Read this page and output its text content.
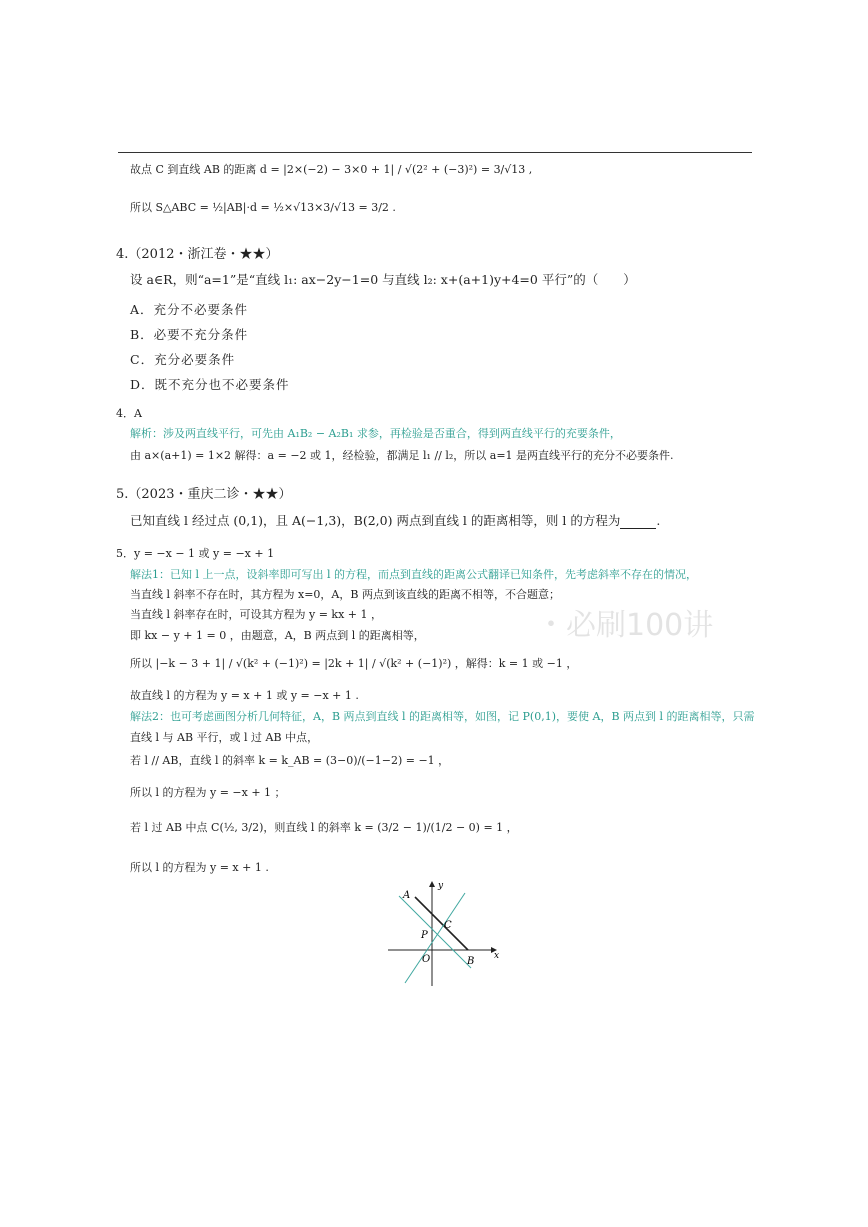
故点 C 到直线 AB 的距离 d = |2×(−2) − 3×0 + 1| / √(2² + (−3)²) = 3/√13 ,
所以 S△ABC = ½|AB|·d = ½×√13×3/√13 = 3/2 .
4.（2012・浙江卷・★★）
设 a∈R，则“a=1”是“直线 l₁: ax−2y−1=0 与直线 l₂: x+(a+1)y+4=0 平行”的（　　）
A．充分不必要条件
B．必要不充分条件
C．充分必要条件
D．既不充分也不必要条件
4．A
解析：涉及两直线平行，可先由 A₁B₂ − A₂B₁ 求参，再检验是否重合，得到两直线平行的充要条件，
由 a×(a+1) = 1×2 解得：a = −2 或 1，经检验，都满足 l₁ // l₂，所以 a=1 是两直线平行的充分不必要条件.
5.（2023・重庆二诊・★★）
已知直线 l 经过点 (0,1)，且 A(−1,3)，B(2,0) 两点到直线 l 的距离相等，则 l 的方程为	.
5．y = −x − 1 或 y = −x + 1
解法1：已知 l 上一点，设斜率即可写出 l 的方程，而点到直线的距离公式翻译已知条件，先考虑斜率不存在的情况，
当直线 l 斜率不存在时，其方程为 x=0，A，B 两点到该直线的距离不相等，不合题意；
当直线 l 斜率存在时，可设其方程为 y = kx + 1 ，
即 kx − y + 1 = 0 ，由题意，A，B 两点到 l 的距离相等，
所以 |−k − 3 + 1| / √(k² + (−1)²) = |2k + 1| / √(k² + (−1)²) ，解得：k = 1 或 −1 ，
故直线 l 的方程为 y = x + 1 或 y = −x + 1 .
解法2：也可考虑画图分析几何特征，A，B 两点到直线 l 的距离相等，如图，记 P(0,1)，要使 A，B 两点到 l 的距离相等，只需
直线 l 与 AB 平行，或 l 过 AB 中点，
若 l // AB，直线 l 的斜率 k = k_AB = (3−0)/(−1−2) = −1 ，
所以 l 的方程为 y = −x + 1 ；
若 l 过 AB 中点 C(½, 3/2)，则直线 l 的斜率 k = (3/2 − 1)/(1/2 − 0) = 1 ，
所以 l 的方程为 y = x + 1 .
・必刷100讲
A
y
C
P
O	B x
